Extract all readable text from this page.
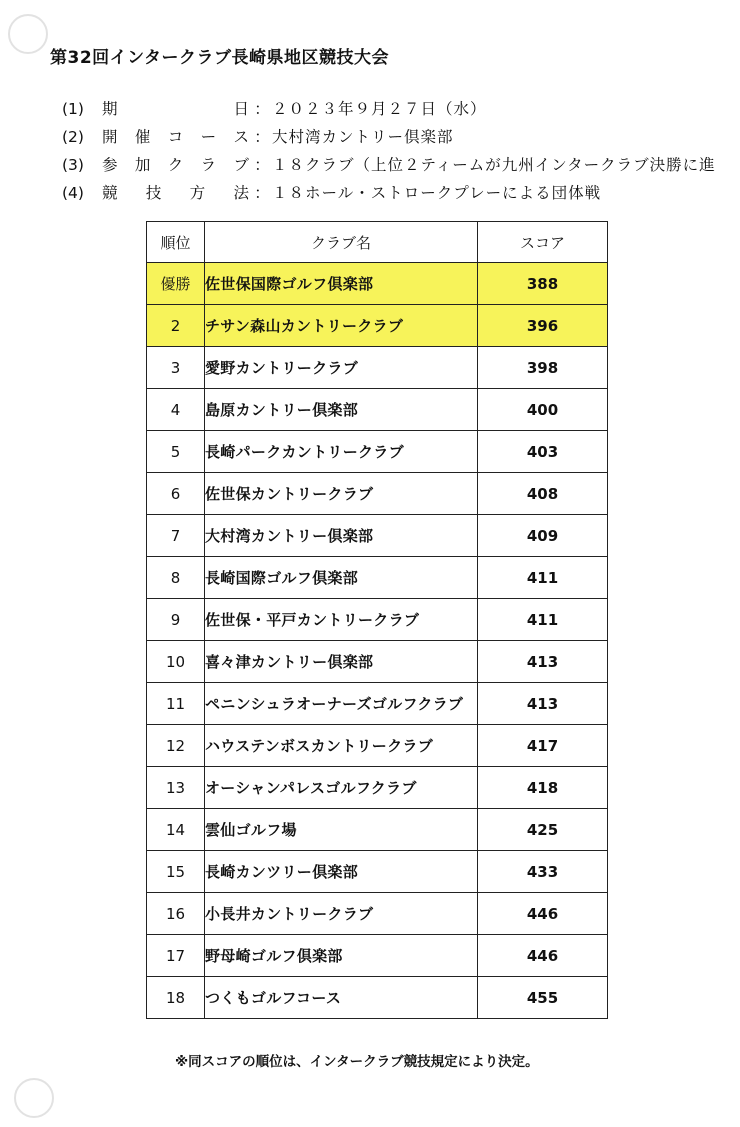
第32回インタークラブ長崎県地区競技大会
(1)	期	日 ： ２０２３年９月２７日（水）
(2)	開 催 コ ー ス ： 大村湾カントリー倶楽部
(3)	参 加 ク ラ ブ ： １８クラブ（上位２ティームが九州インタークラブ決勝に進
(4)	競 技 方 法 ： １８ホール・ストロークプレーによる団体戦
順位	クラブ名	スコア
優勝	佐世保国際ゴルフ倶楽部	388
2	チサン森山カントリークラブ	396
3	愛野カントリークラブ	398
4	島原カントリー倶楽部	400
5	長崎パークカントリークラブ	403
6	佐世保カントリークラブ	408
7	大村湾カントリー倶楽部	409
8	長崎国際ゴルフ倶楽部	411
9	佐世保・平戸カントリークラブ	411
10	喜々津カントリー倶楽部	413
11	ペニンシュラオーナーズゴルフクラブ	413
12	ハウステンボスカントリークラブ	417
13	オーシャンパレスゴルフクラブ	418
14	雲仙ゴルフ場	425
15	長崎カンツリー倶楽部	433
16	小長井カントリークラブ	446
17	野母崎ゴルフ倶楽部	446
18	つくもゴルフコース	455
※同スコアの順位は、インタークラブ競技規定により決定。
